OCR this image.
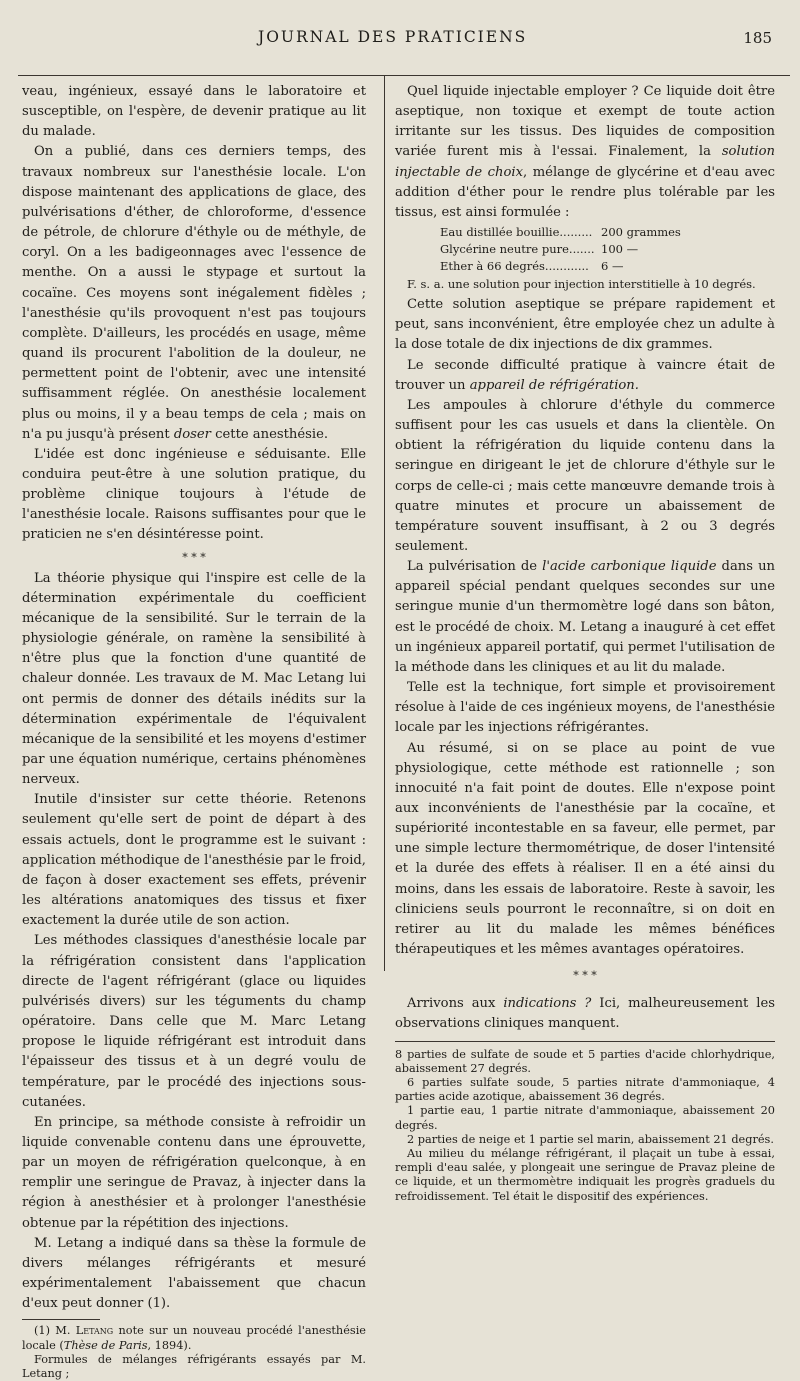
JOURNAL DES PRATICIENS	185

veau, ingénieux, essayé dans le laboratoire et susceptible, on l'espère, de devenir pratique au lit du malade.

On a publié, dans ces derniers temps, des travaux nombreux sur l'anesthésie locale. L'on dispose maintenant des applications de glace, des pulvérisations d'éther, de chloroforme, d'essence de pétrole, de chlorure d'éthyle ou de méthyle, de coryl. On a les badigeonnages avec l'essence de menthe. On a aussi le stypage et surtout la cocaïne. Ces moyens sont inégalement fidèles ; l'anesthésie qu'ils provoquent n'est pas toujours complète. D'ailleurs, les procédés en usage, même quand ils procurent l'abolition de la douleur, ne permettent point de l'obtenir, avec une intensité suffisamment réglée. On anesthésie localement plus ou moins, il y a beau temps de cela ; mais on n'a pu jusqu'à présent doser cette anesthésie.

L'idée est donc ingénieuse e séduisante. Elle conduira peut-être à une solution pratique, du problème clinique toujours à l'étude de l'anesthésie locale. Raisons suffisantes pour que le praticien ne s'en désintéresse point.

* * *

La théorie physique qui l'inspire est celle de la détermination expérimentale du coefficient mécanique de la sensibilité. Sur le terrain de la physiologie générale, on ramène la sensibilité à n'être plus que la fonction d'une quantité de chaleur donnée. Les travaux de M. Mac Letang lui ont permis de donner des détails inédits sur la détermination expérimentale de l'équivalent mécanique de la sensibilité et les moyens d'estimer par une équation numérique, certains phénomènes nerveux.

Inutile d'insister sur cette théorie. Retenons seulement qu'elle sert de point de départ à des essais actuels, dont le programme est le suivant : application méthodique de l'anesthésie par le froid, de façon à doser exactement ses effets, prévenir les altérations anatomiques des tissus et fixer exactement la durée utile de son action.

Les méthodes classiques d'anesthésie locale par la réfrigération consistent dans l'application directe de l'agent réfrigérant (glace ou liquides pulvérisés divers) sur les téguments du champ opératoire. Dans celle que M. Marc Letang propose le liquide réfrigérant est introduit dans l'épaisseur des tissus et à un degré voulu de température, par le procédé des injections sous-cutanées.

En principe, sa méthode consiste à refroidir un liquide convenable contenu dans une éprouvette, par un moyen de réfrigération quelconque, à en remplir une seringue de Pravaz, à injecter dans la région à anesthésier et à prolonger l'anesthésie obtenue par la répétition des injections.

M. Letang a indiqué dans sa thèse la formule de divers mélanges réfrigérants et mesuré expérimentalement l'abaissement que chacun d'eux peut donner (1).

(1) M. Letang note sur un nouveau procédé l'anesthésie locale (Thèse de Paris, 1894).

Formules de mélanges réfrigérants essayés par M. Letang ;

Quel liquide injectable employer ? Ce liquide doit être aseptique, non toxique et exempt de toute action irritante sur les tissus. Des liquides de composition variée furent mis à l'essai. Finalement, la solution injectable de choix, mélange de glycérine et d'eau avec addition d'éther pour le rendre plus tolérable par les tissus, est ainsi formulée :

Eau distillée bouillie......... 200 grammes
Glycérine neutre pure....... 100 —
Ether à 66 degrés............ 6 —

F. s. a. une solution pour injection interstitielle à 10 degrés.

Cette solution aseptique se prépare rapidement et peut, sans inconvénient, être employée chez un adulte à la dose totale de dix injections de dix grammes.

Le seconde difficulté pratique à vaincre était de trouver un appareil de réfrigération.

Les ampoules à chlorure d'éthyle du commerce suffisent pour les cas usuels et dans la clientèle. On obtient la réfrigération du liquide contenu dans la seringue en dirigeant le jet de chlorure d'éthyle sur le corps de celle-ci ; mais cette manœuvre demande trois à quatre minutes et procure un abaissement de température souvent insuffisant, à 2 ou 3 degrés seulement.

La pulvérisation de l'acide carbonique liquide dans un appareil spécial pendant quelques secondes sur une seringue munie d'un thermomètre logé dans son bâton, est le procédé de choix. M. Letang a inauguré à cet effet un ingénieux appareil portatif, qui permet l'utilisation de la méthode dans les cliniques et au lit du malade.

Telle est la technique, fort simple et provisoirement résolue à l'aide de ces ingénieux moyens, de l'anesthésie locale par les injections réfrigérantes.

Au résumé, si on se place au point de vue physiologique, cette méthode est rationnelle ; son innocuité n'a fait point de doutes. Elle n'expose point aux inconvénients de l'anesthésie par la cocaïne, et supériorité incontestable en sa faveur, elle permet, par une simple lecture thermométrique, de doser l'intensité et la durée des effets à réaliser. Il en a été ainsi du moins, dans les essais de laboratoire. Reste à savoir, les cliniciens seuls pourront le reconnaître, si on doit en retirer au lit du malade les mêmes bénéfices thérapeutiques et les mêmes avantages opératoires.

* * *

Arrivons aux indications ? Ici, malheureusement les observations cliniques manquent.

8 parties de sulfate de soude et 5 parties d'acide chlorhydrique, abaissement 27 degrés.

6 parties sulfate soude, 5 parties nitrate d'ammoniaque, 4 parties acide azotique, abaissement 36 degrés.

1 partie eau, 1 partie nitrate d'ammoniaque, abaissement 20 degrés.

2 parties de neige et 1 partie sel marin, abaissement 21 degrés.

Au milieu du mélange réfrigérant, il plaçait un tube à essai, rempli d'eau salée, y plongeait une seringue de Pravaz pleine de ce liquide, et un thermomètre indiquait les progrès graduels du refroidissement. Tel était le dispositif des expériences.
